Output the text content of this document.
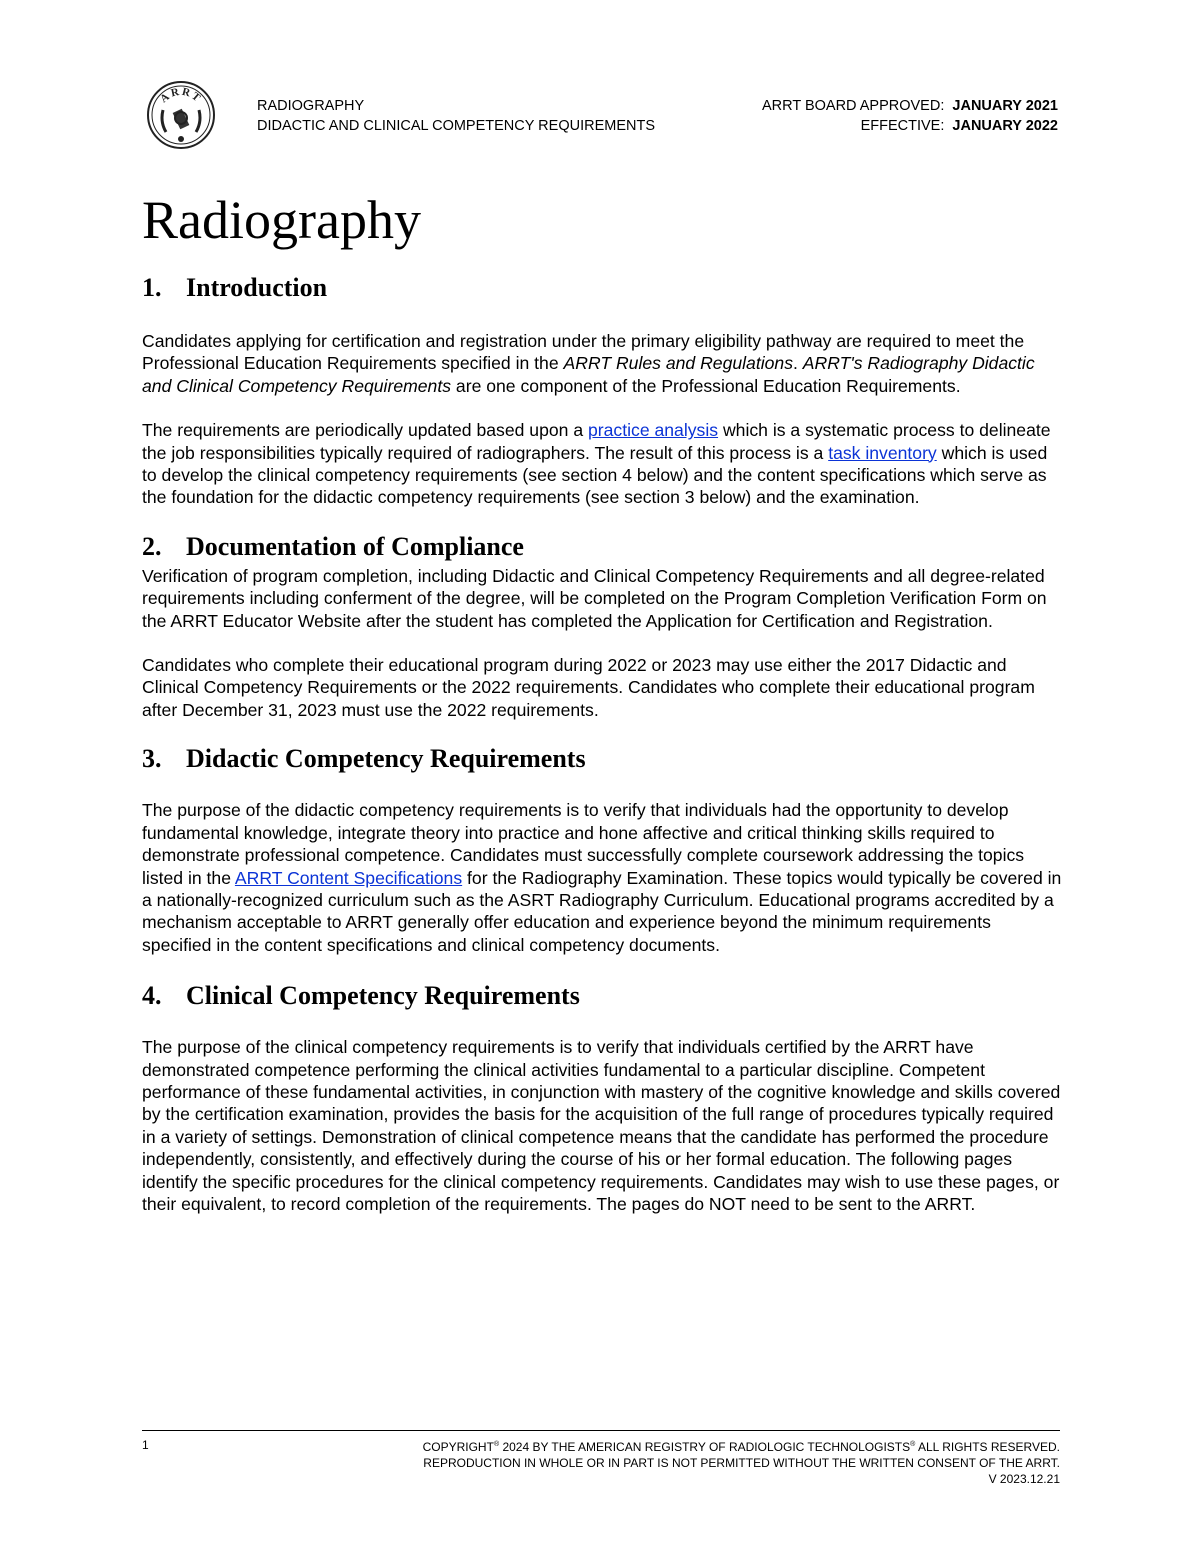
ARRT
RADIOGRAPHY
DIDACTIC AND CLINICAL COMPETENCY REQUIREMENTS
ARRT BOARD APPROVED: JANUARY 2021
EFFECTIVE: JANUARY 2022
Radiography
1. Introduction

Candidates applying for certification and registration under the primary eligibility pathway are required to meet the Professional Education Requirements specified in the ARRT Rules and Regulations. ARRT's Radiography Didactic and Clinical Competency Requirements are one component of the Professional Education Requirements.

The requirements are periodically updated based upon a practice analysis which is a systematic process to delineate the job responsibilities typically required of radiographers. The result of this process is a task inventory which is used to develop the clinical competency requirements (see section 4 below) and the content specifications which serve as the foundation for the didactic competency requirements (see section 3 below) and the examination.

2. Documentation of Compliance

Verification of program completion, including Didactic and Clinical Competency Requirements and all degree-related requirements including conferment of the degree, will be completed on the Program Completion Verification Form on the ARRT Educator Website after the student has completed the Application for Certification and Registration.

Candidates who complete their educational program during 2022 or 2023 may use either the 2017 Didactic and Clinical Competency Requirements or the 2022 requirements. Candidates who complete their educational program after December 31, 2023 must use the 2022 requirements.

3. Didactic Competency Requirements

The purpose of the didactic competency requirements is to verify that individuals had the opportunity to develop fundamental knowledge, integrate theory into practice and hone affective and critical thinking skills required to demonstrate professional competence. Candidates must successfully complete coursework addressing the topics listed in the ARRT Content Specifications for the Radiography Examination. These topics would typically be covered in a nationally-recognized curriculum such as the ASRT Radiography Curriculum. Educational programs accredited by a mechanism acceptable to ARRT generally offer education and experience beyond the minimum requirements specified in the content specifications and clinical competency documents.

4. Clinical Competency Requirements

The purpose of the clinical competency requirements is to verify that individuals certified by the ARRT have demonstrated competence performing the clinical activities fundamental to a particular discipline. Competent performance of these fundamental activities, in conjunction with mastery of the cognitive knowledge and skills covered by the certification examination, provides the basis for the acquisition of the full range of procedures typically required in a variety of settings. Demonstration of clinical competence means that the candidate has performed the procedure independently, consistently, and effectively during the course of his or her formal education. The following pages identify the specific procedures for the clinical competency requirements. Candidates may wish to use these pages, or their equivalent, to record completion of the requirements. The pages do NOT need to be sent to the ARRT.

1	COPYRIGHT® 2024 BY THE AMERICAN REGISTRY OF RADIOLOGIC TECHNOLOGISTS® ALL RIGHTS RESERVED.
REPRODUCTION IN WHOLE OR IN PART IS NOT PERMITTED WITHOUT THE WRITTEN CONSENT OF THE ARRT.
V 2023.12.21
